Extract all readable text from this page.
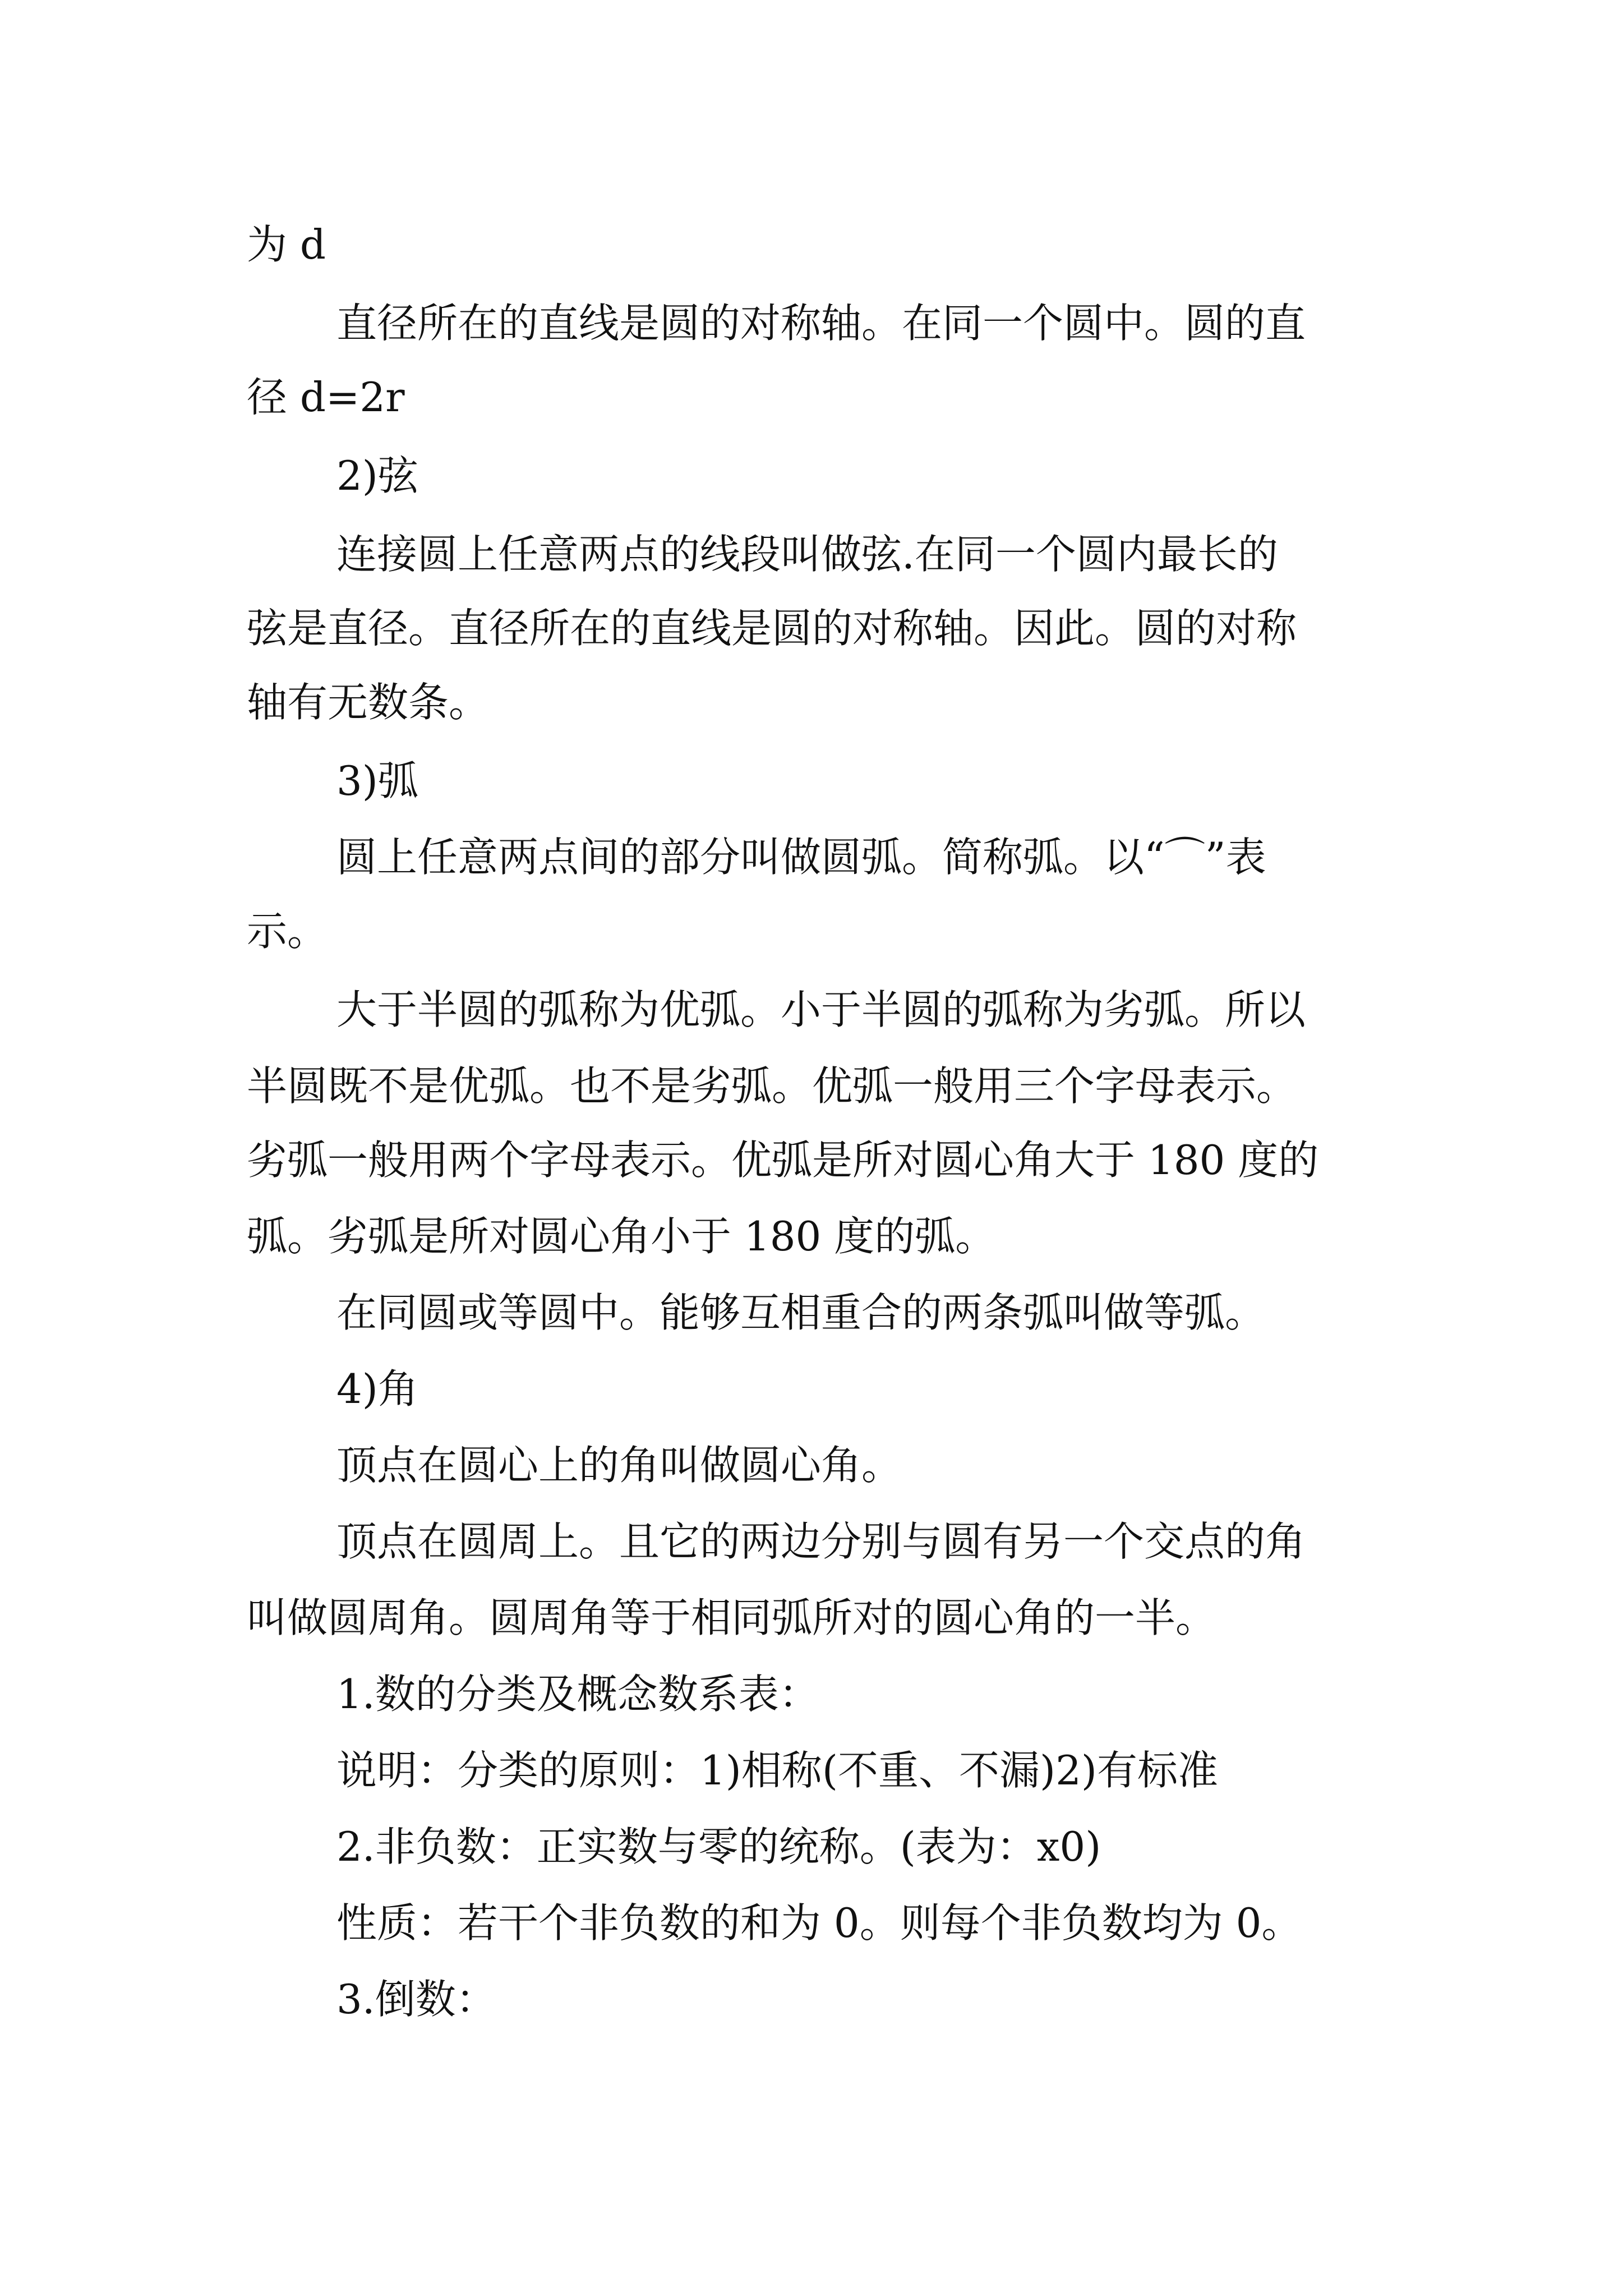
为 d
直径所在的直线是圆的对称轴。在同一个圆中。圆的直
径 d=2r
2)弦
连接圆上任意两点的线段叫做弦.在同一个圆内最长的
弦是直径。直径所在的直线是圆的对称轴。因此。圆的对称
轴有无数条。
3)弧
圆上任意两点间的部分叫做圆弧。简称弧。以“⌒”表
示。
大于半圆的弧称为优弧。小于半圆的弧称为劣弧。所以
半圆既不是优弧。也不是劣弧。优弧一般用三个字母表示。
劣弧一般用两个字母表示。优弧是所对圆心角大于 180 度的
弧。劣弧是所对圆心角小于 180 度的弧。
在同圆或等圆中。能够互相重合的两条弧叫做等弧。
4)角
顶点在圆心上的角叫做圆心角。
顶点在圆周上。且它的两边分别与圆有另一个交点的角
叫做圆周角。圆周角等于相同弧所对的圆心角的一半。
1.数的分类及概念数系表：
说明：分类的原则：1)相称(不重、不漏)2)有标准
2.非负数：正实数与零的统称。(表为：x0)
性质：若干个非负数的和为 0。则每个非负数均为 0。
3.倒数：
